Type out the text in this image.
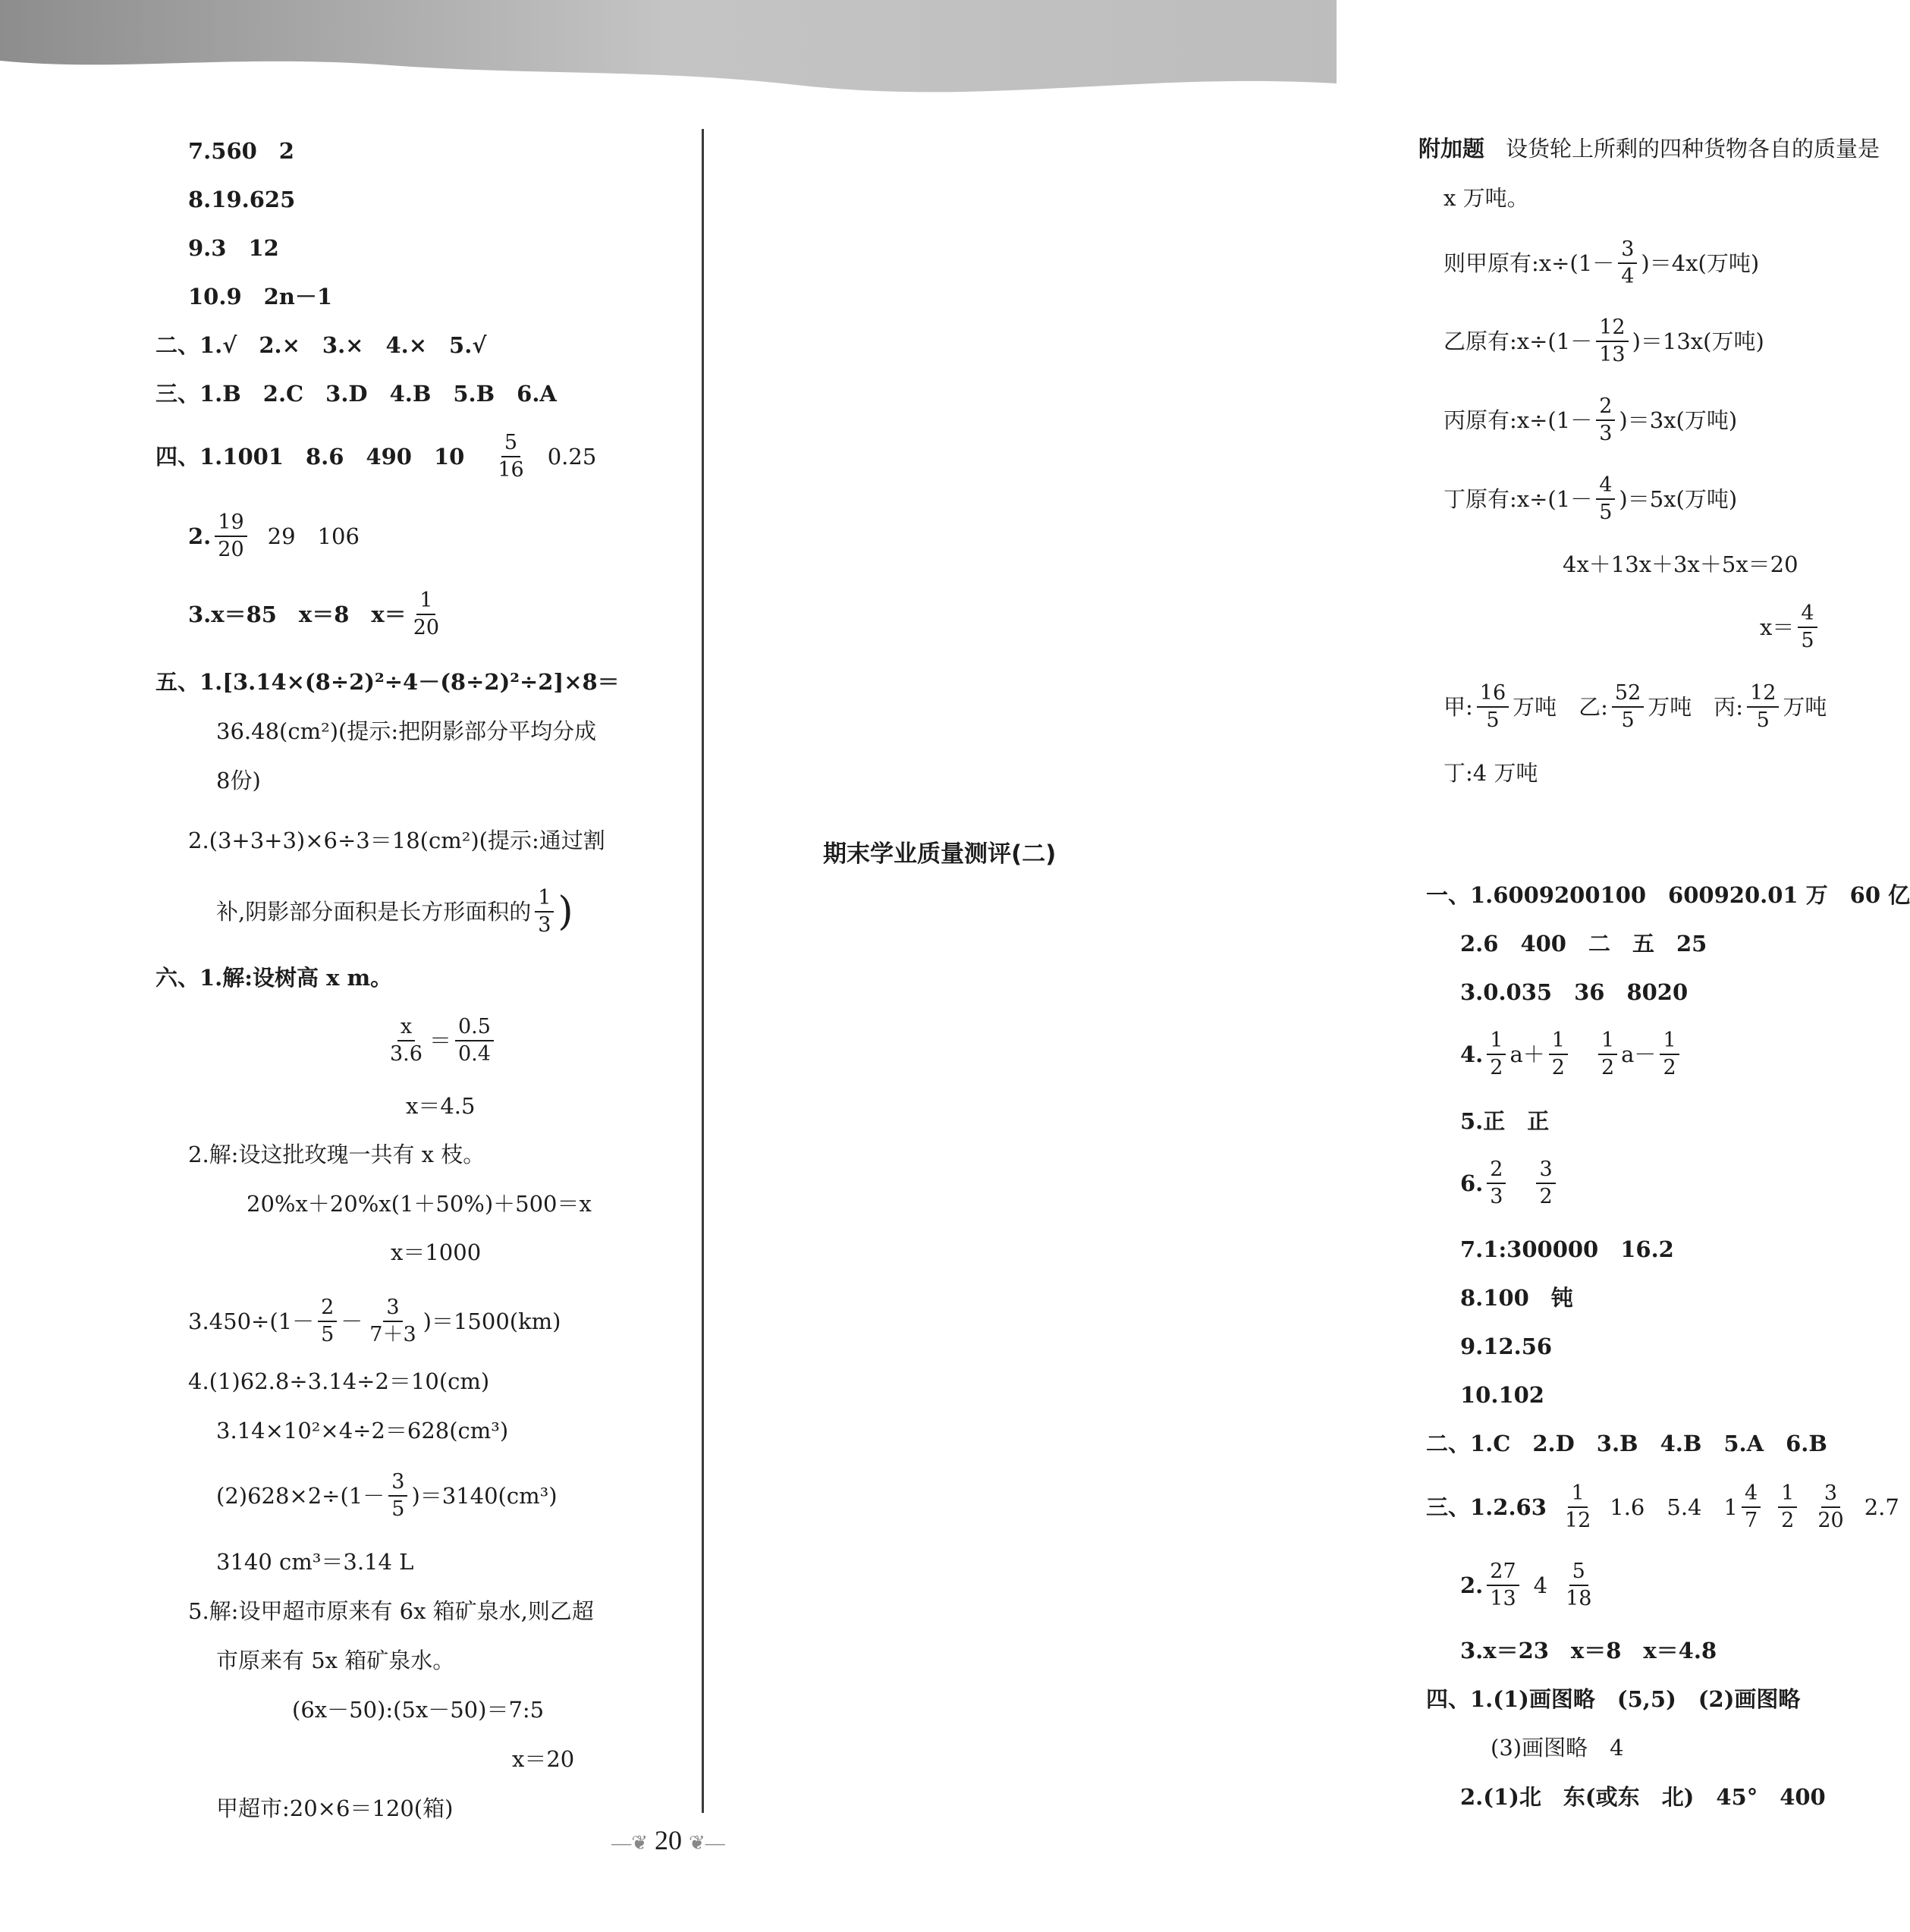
7.560　2
8.19.625
9.3　12
10.9　2n－1
二、1.√　2.×　3.×　4.×　5.√
三、1.B　2.C　3.D　4.B　5.B　6.A
四、1.1001　8.6　490　$10 \frac{5}{16} 0.25$
2. $\frac{19}{20} 29$　106
3.x＝85　x＝8　$x= \frac{1}{20}$
五、1.[3.14×(8÷2)²÷4－(8÷2)²÷2]×8＝
36.48(cm²)(提示:把阴影部分平均分成
8份)
2.(3+3+3)×6÷3＝18(cm²)(提示:通过割
补,阴影部分面积是长方形面积的 $\frac{1}{3}$ )
六、1.解:设树高 x m。
$\frac{x}{3.6} = \frac{0.5}{0.4}$
x＝4.5
2.解:设这批玫瑰一共有 x 枝。
20%x＋20%x(1＋50%)＋500＝x
x＝1000
$3.450\div(1- \frac{2}{5} - \frac{3}{7+3} )=1500(km)$
4.(1)62.8÷3.14÷2＝10(cm)
3.14×10²×4÷2＝628(cm³)
$(2)628\times 2\div(1- \frac{3}{5} )=3140(cm^3)$
3140 cm³＝3.14 L
5.解:设甲超市原来有 6x 箱矿泉水,则乙超
市原来有 5x 箱矿泉水。
(6x－50):(5x－50)＝7:5
x＝20
甲超市:20×6＝120(箱)
附加题 设货轮上所剩的四种货物各自的质量是
x 万吨。
则甲原有:x÷(1－ $\frac{3}{4} )=4x$(万吨)
乙原有:x÷(1－ $\frac{12}{13} )=13x$(万吨)
丙原有:x÷(1－ $\frac{2}{3} )=3x$(万吨)
丁原有:x÷(1－ $\frac{4}{5} )=5x$(万吨)
4x＋13x＋3x＋5x＝20
$x= \frac{4}{5}$
甲: $\frac{16}{5}$ 万吨　乙: $\frac{52}{5}$ 万吨　丙: $\frac{12}{5}$ 万吨
丁:4 万吨
期末学业质量测评(二)
一、1.6009200100　600920.01 万　60 亿
2.6　400　二　五　25
3.0.035　36　8020
4. $\frac{1}{2} a+ \frac{1}{2} \frac{1}{2} a- \frac{1}{2}$
5.正　正
6. $\frac{2}{3} \frac{3}{2}$
7.1:300000　16.2
8.100　钝
9.12.56
10.102
二、1.C　2.D　3.B　4.B　5.A　6.B
三、$1.2.63 \frac{1}{12} 1.6$　5.4　$1 \frac{4}{7} \frac{1}{2} \frac{3}{20} 2.7$
2. $\frac{27}{13} 4 \frac{5}{18}$
3.x＝23　x＝8　x＝4.8
四、1.(1)画图略　(5,5)　(2)画图略
(3)画图略　4
2.(1)北　东(或东　北)　45°　400
—❦ 20 ❦—
